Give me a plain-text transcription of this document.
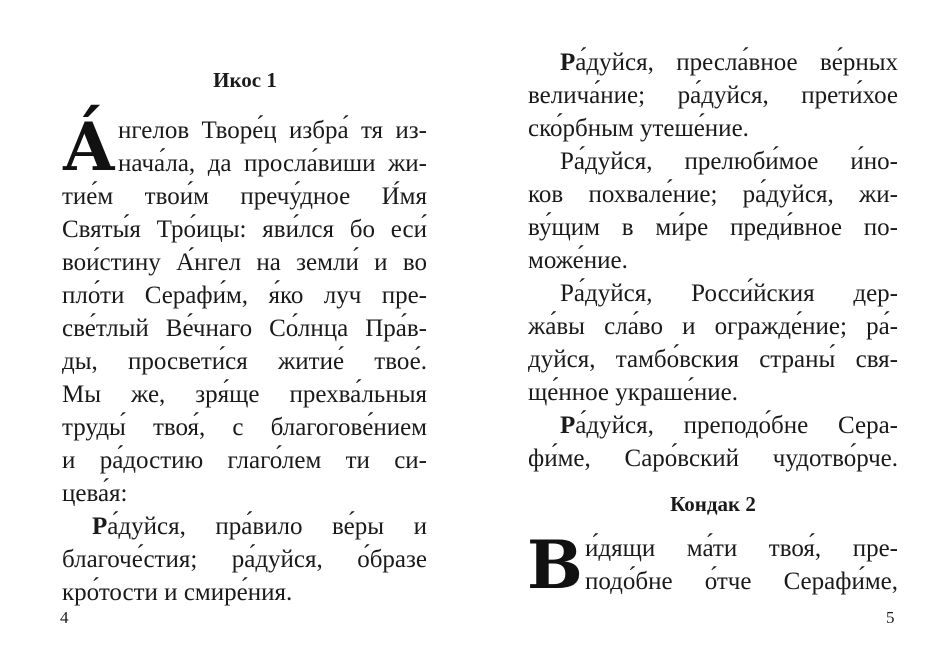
Икос 1
А́ нгелов Творе́ц избра́ тя из-
нача́ла, да просла́виши жи-
тие́м твои́м пречу́дное И́мя
Святы́я Тро́ицы: яви́лся бо еси́
вои́стину А́нгел на земли́ и во
пло́ти Серафи́м, я́ко луч пре-
све́тлый Ве́чнаго Со́лнца Пра́в-
ды, просвети́ся житие́ твое́.
Мы же, зря́ще прехва́льныя
труды́ твоя́, с благогове́нием
и ра́достию глаго́лем ти си-
цева́я:
Ра́дуйся, пра́вило ве́ры и
благоче́стия; ра́дуйся, о́бразе
кро́тости и смире́ния.
4
Ра́дуйся, пресла́вное ве́рных
велича́ние; ра́дуйся, прети́хое
ско́рбным утеше́ние.
Ра́дуйся, прелюби́мое и́но-
ков похвале́ние; ра́дуйся, жи-
ву́щим в ми́ре преди́вное по-
може́ние.
Ра́дуйся, Росси́йския дер-
жа́вы сла́во и огражде́ние; ра́-
дуйся, тамбо́вския страны́ свя-
ще́нное украше́ние.
Ра́дуйся, преподо́бне Сера-
фи́ме, Саро́вский чудотво́рче.
Кондак 2
В и́дящи ма́ти твоя́, пре-
подо́бне о́тче Серафи́ме,
5
